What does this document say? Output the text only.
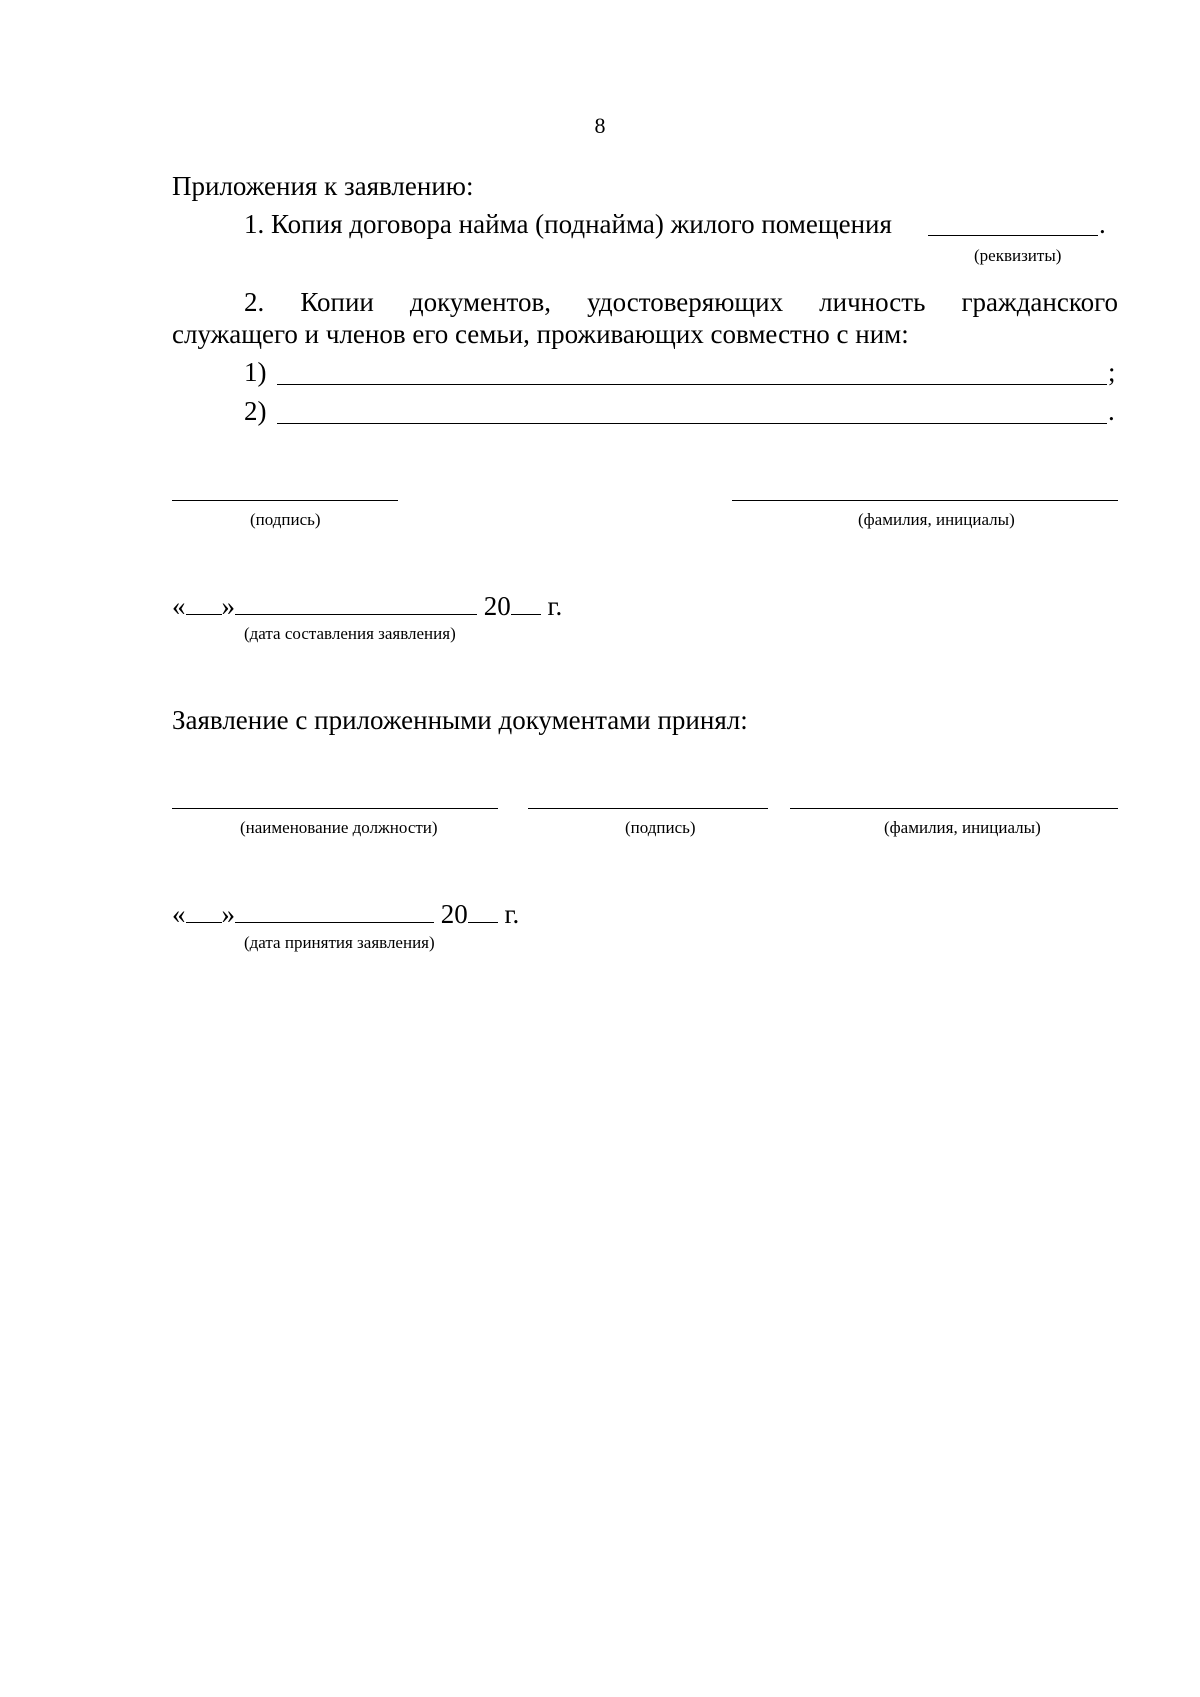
8
Приложения к заявлению:
1. Копия договора найма (поднайма) жилого помещения	.
(реквизиты)
2. Копии документов, удостоверяющих личность гражданского
служащего и членов его семьи, проживающих совместно с ним:
1)	;
2)	.
(подпись)	(фамилия, инициалы)
« »	20 г.
(дата составления заявления)
Заявление с приложенными документами принял:
(наименование должности)	(подпись)	(фамилия, инициалы)
« »	20 г.
(дата принятия заявления)
